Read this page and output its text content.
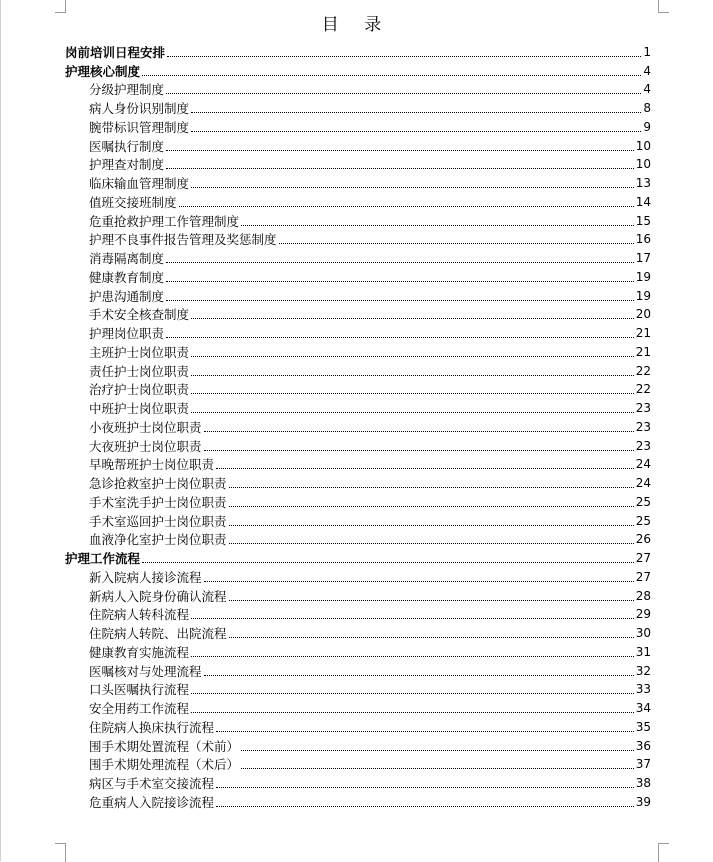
目 录
岗前培训日程安排	1
护理核心制度	4
分级护理制度	4
病人身份识别制度	8
腕带标识管理制度	9
医嘱执行制度	10
护理查对制度	10
临床输血管理制度	13
值班交接班制度	14
危重抢救护理工作管理制度	15
护理不良事件报告管理及奖惩制度	16
消毒隔离制度	17
健康教育制度	19
护患沟通制度	19
手术安全核查制度	20
护理岗位职责	21
主班护士岗位职责	21
责任护士岗位职责	22
治疗护士岗位职责	22
中班护士岗位职责	23
小夜班护士岗位职责	23
大夜班护士岗位职责	23
早晚帮班护士岗位职责	24
急诊抢救室护士岗位职责	24
手术室洗手护士岗位职责	25
手术室巡回护士岗位职责	25
血液净化室护士岗位职责	26
护理工作流程	27
新入院病人接诊流程	27
新病人入院身份确认流程	28
住院病人转科流程	29
住院病人转院、出院流程	30
健康教育实施流程	31
医嘱核对与处理流程	32
口头医嘱执行流程	33
安全用药工作流程	34
住院病人换床执行流程	35
围手术期处置流程（术前）	36
围手术期处理流程（术后）	37
病区与手术室交接流程	38
危重病人入院接诊流程	39
